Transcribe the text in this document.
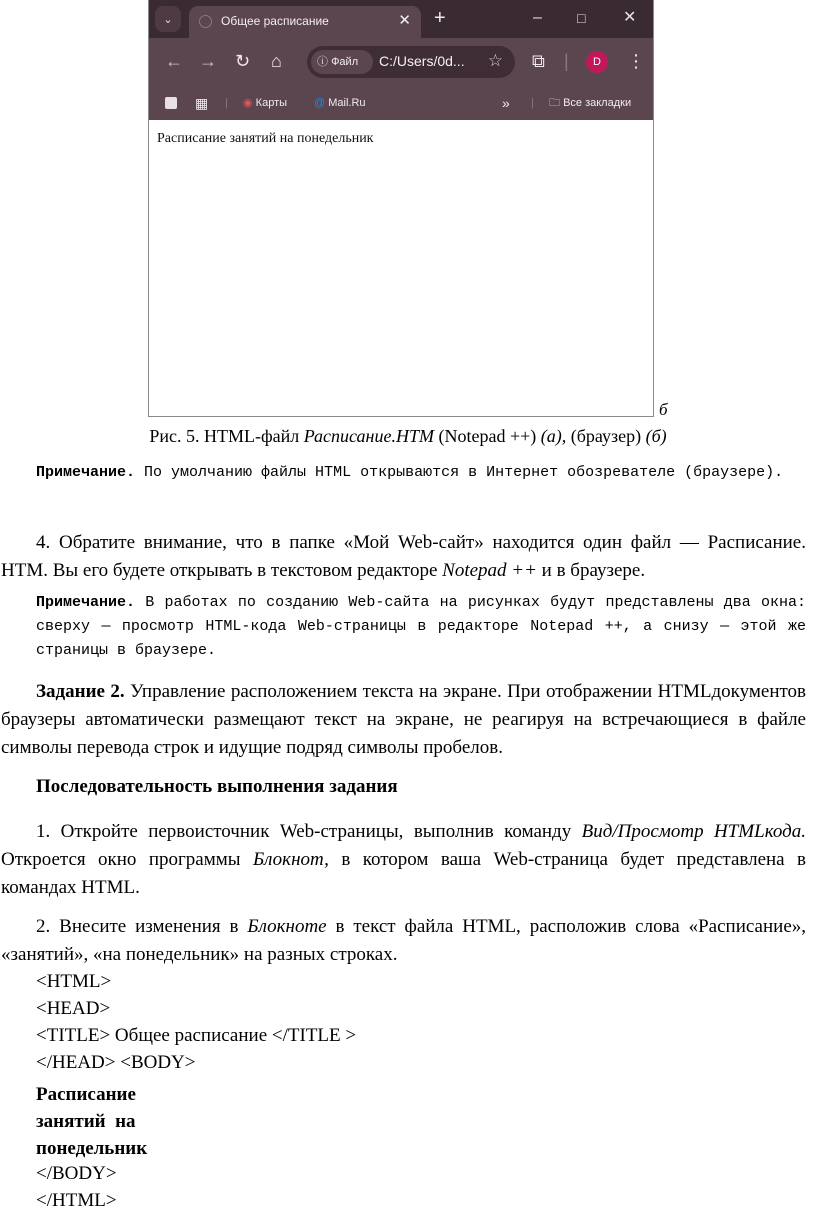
⌄	Общее расписание	✕ +	–	□ ✕
← → ↻ ⌂	ⓘ Файл	C:/Users/0d... ☆ ⧉ |	D	⋮
▦ | ◉ Карты @ Mail.Ru	» | 🗀 Все закладки
Расписание занятий на понедельник
б
Рис. 5. HTML-файл Расписание.HTM (Notepad ++) (а), (браузер) (б)
Примечание. По умолчанию файлы HTML открываются в Интернет обозревателе (браузере).
4. Обратите внимание, что в папке «Мой Web-сайт» находится один файл — Расписание. HTM. Вы его будете открывать в текстовом редакторе Notepad ++ и в браузере.
Примечание. В работах по созданию Web-сайта на рисунках будут представлены два окна: сверху — просмотр HTML-кода Web-страницы в редакторе Notepad ++, а снизу — этой же страницы в браузере.
Задание 2. Управление расположением текста на экране. При отображении HTMLдокументов браузеры автоматически размещают текст на экране, не реагируя на встречающиеся в файле символы перевода строк и идущие подряд символы пробелов.
Последовательность выполнения задания
1. Откройте первоисточник Web-страницы, выполнив команду Вид/Просмотр HTMLкода. Откроется окно программы Блокнот, в котором ваша Web-страница будет представлена в командах HTML.
2. Внесите изменения в Блокноте в текст файла HTML, расположив слова «Расписание», «занятий», «на понедельник» на разных строках.
<HTML>
<HEAD>
<TITLE> Общее расписание </TITLE >
</HEAD> <BODY>
Расписание
занятий  на
понедельник
</BODY>
</HTML>
